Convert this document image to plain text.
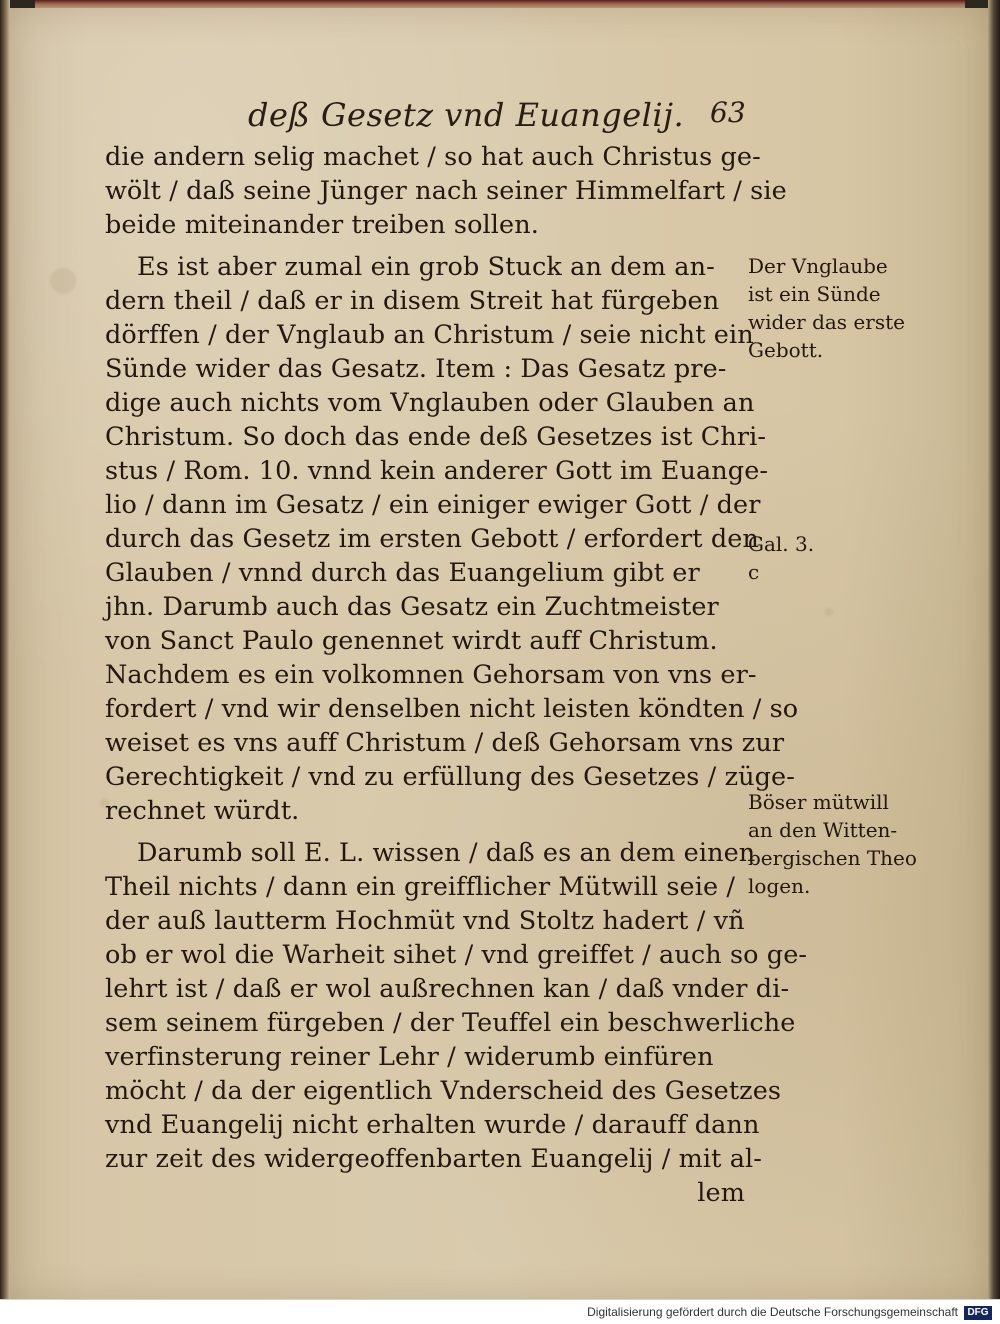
deß Gesetz vnd Euangelij. 63
die andern selig machet / so hat auch Christus ge-
wölt / daß seine Jünger nach seiner Himmelfart / sie
beide miteinander treiben sollen.
Es ist aber zumal ein grob Stuck an dem an-
dern theil / daß er in disem Streit hat fürgeben
dörffen / der Vnglaub an Christum / seie nicht ein
Sünde wider das Gesatz. Item : Das Gesatz pre-
dige auch nichts vom Vnglauben oder Glauben an
Christum. So doch das ende deß Gesetzes ist Chri-
stus / Rom. 10. vnnd kein anderer Gott im Euange-
lio / dann im Gesatz / ein einiger ewiger Gott / der
durch das Gesetz im ersten Gebott / erfordert den
Glauben / vnnd durch das Euangelium gibt er
jhn. Darumb auch das Gesatz ein Zuchtmeister
von Sanct Paulo genennet wirdt auff Christum.
Nachdem es ein volkomnen Gehorsam von vns er-
fordert / vnd wir denselben nicht leisten köndten / so
weiset es vns auff Christum / deß Gehorsam vns zur
Gerechtigkeit / vnd zu erfüllung des Gesetzes / züge-
rechnet würdt.
Darumb soll E. L. wissen / daß es an dem einen
Theil nichts / dann ein greifflicher Mütwill seie /
der auß lautterm Hochmüt vnd Stoltz hadert / vñ
ob er wol die Warheit sihet / vnd greiffet / auch so ge-
lehrt ist / daß er wol außrechnen kan / daß vnder di-
sem seinem fürgeben / der Teuffel ein beschwerliche
verfinsterung reiner Lehr / widerumb einfüren
möcht / da der eigentlich Vnderscheid des Gesetzes
vnd Euangelij nicht erhalten wurde / darauff dann
zur zeit des widergeoffenbarten Euangelij / mit al-
lem
Der Vnglaube
ist ein Sünde
wider das erste
Gebott.
Gal. 3.
c
Böser mütwill
an den Witten-
bergischen Theo
logen.
Digitalisierung gefördert durch die Deutsche Forschungsgemeinschaft DFG
